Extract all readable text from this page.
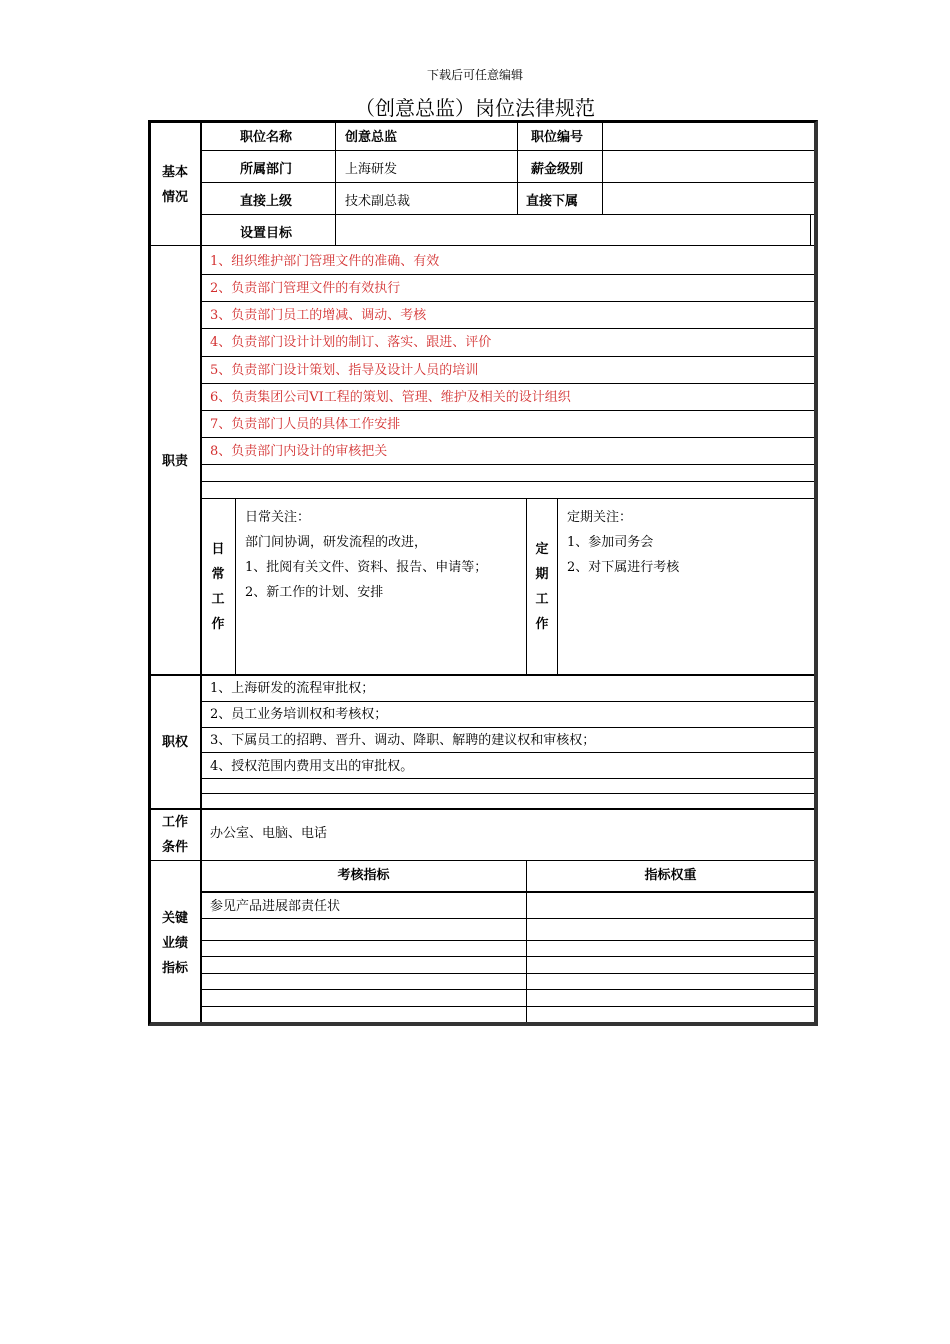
下载后可任意编辑
（创意总监）岗位法律规范
基本
情况
职位名称	创意总监	职位编号
所属部门	上海研发	薪金级别
直接上级	技术副总裁	直接下属
设置目标
职责
1、组织维护部门管理文件的准确、有效
2、负责部门管理文件的有效执行
3、负责部门员工的增减、调动、考核
4、负责部门设计计划的制订、落实、跟进、评价
5、负责部门设计策划、指导及设计人员的培训
6、负责集团公司VI工程的策划、管理、维护及相关的设计组织
7、负责部门人员的具体工作安排
8、负责部门内设计的审核把关
日
常
工
作
日常关注：
部门间协调，研发流程的改进，
1、批阅有关文件、资料、报告、申请等；
2、新工作的计划、安排
定
期
工
作
定期关注：
1、参加司务会
2、对下属进行考核
职权
1、上海研发的流程审批权；
2、员工业务培训权和考核权；
3、下属员工的招聘、晋升、调动、降职、解聘的建议权和审核权；
4、授权范围内费用支出的审批权。
工作
条件
办公室、电脑、电话
关键
业绩
指标
考核指标	指标权重
参见产品进展部责任状
